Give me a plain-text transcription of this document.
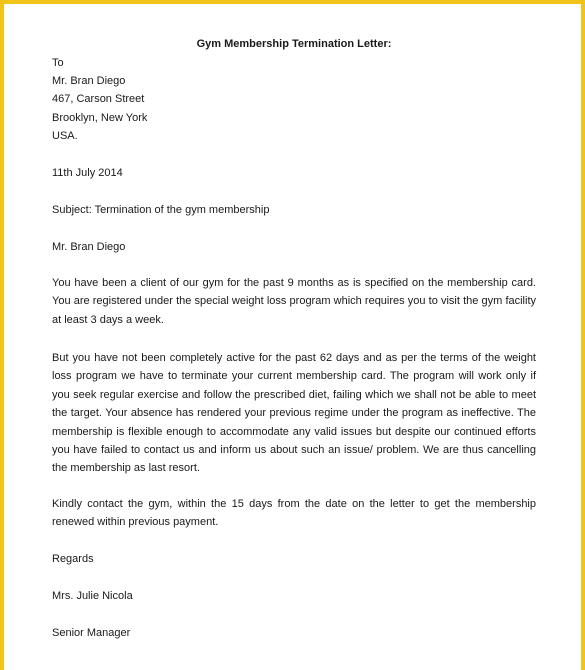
Gym Membership Termination Letter:
To
Mr. Bran Diego
467, Carson Street
Brooklyn, New York
USA.
11th July 2014
Subject: Termination of the gym membership
Mr. Bran Diego
You have been a client of our gym for the past 9 months as is specified on the membership card. You are registered under the special weight loss program which requires you to visit the gym facility at least 3 days a week.
But you have not been completely active for the past 62 days and as per the terms of the weight loss program we have to terminate your current membership card. The program will work only if you seek regular exercise and follow the prescribed diet, failing which we shall not be able to meet the target. Your absence has rendered your previous regime under the program as ineffective. The membership is flexible enough to accommodate any valid issues but despite our continued efforts you have failed to contact us and inform us about such an issue/ problem. We are thus cancelling the membership as last resort.
Kindly contact the gym, within the 15 days from the date on the letter to get the membership renewed within previous payment.
Regards
Mrs. Julie Nicola
Senior Manager
